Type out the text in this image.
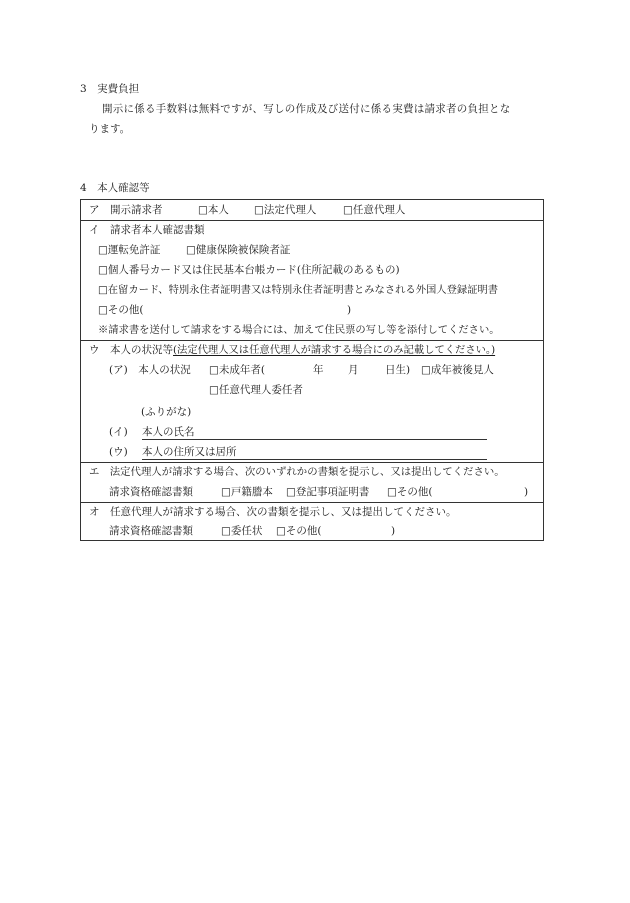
3　実費負担
開示に係る手数料は無料ですが、写しの作成及び送付に係る実費は請求者の負担とな
ります。
4　本人確認等
ア　開示請求者	□本人 □法定代理人	□任意代理人
イ　請求者本人確認書類
□運転免許証 □健康保険被保険者証
□個人番号カード又は住民基本台帳カード(住所記載のあるもの)
□在留カード、特別永住者証明書又は特別永住者証明書とみなされる外国人登録証明書
□その他(	)
※請求書を送付して請求をする場合には、加えて住民票の写し等を添付してください。
ウ　本人の状況等(法定代理人又は任意代理人が請求する場合にのみ記載してください。)
(ア)　本人の状況 □未成年者(	年 月	日生) □成年被後見人
□任意代理人委任者
(ふりがな)
(イ) 本人の氏名
(ウ) 本人の住所又は居所
エ　法定代理人が請求する場合、次のいずれかの書類を提示し、又は提出してください。
請求資格確認書類	□戸籍謄本 □登記事項証明書 □その他(	)
オ　任意代理人が請求する場合、次の書類を提示し、又は提出してください。
請求資格確認書類	□委任状 □その他(	)
